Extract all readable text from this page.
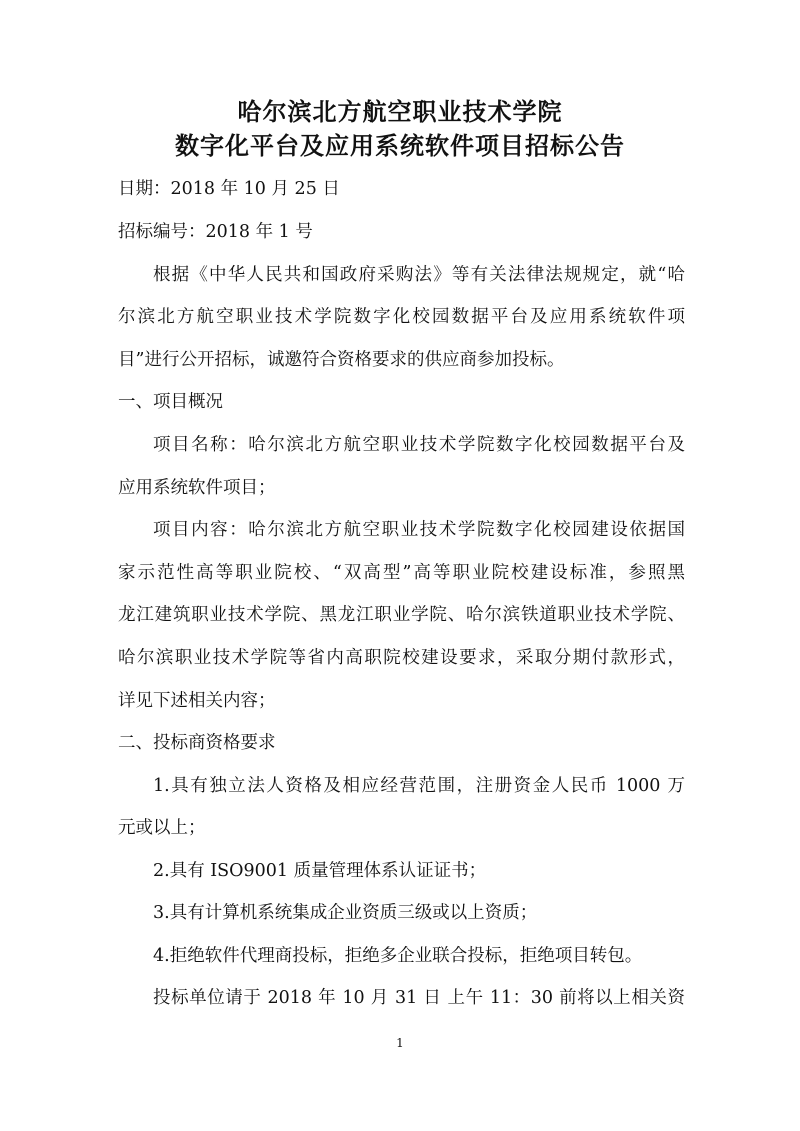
哈尔滨北方航空职业技术学院
数字化平台及应用系统软件项目招标公告
日期：2018 年 10 月 25 日
招标编号：2018 年 1 号
根据《中华人民共和国政府采购法》等有关法律法规规定，就“哈
尔滨北方航空职业技术学院数字化校园数据平台及应用系统软件项
目”进行公开招标，诚邀符合资格要求的供应商参加投标。
一、项目概况
项目名称：哈尔滨北方航空职业技术学院数字化校园数据平台及
应用系统软件项目；
项目内容：哈尔滨北方航空职业技术学院数字化校园建设依据国
家示范性高等职业院校、“双高型”高等职业院校建设标准，参照黑
龙江建筑职业技术学院、黑龙江职业学院、哈尔滨铁道职业技术学院、
哈尔滨职业技术学院等省内高职院校建设要求，采取分期付款形式，
详见下述相关内容；
二、投标商资格要求
1.具有独立法人资格及相应经营范围，注册资金人民币 1000 万
元或以上；
2.具有 ISO9001 质量管理体系认证证书；
3.具有计算机系统集成企业资质三级或以上资质；
4.拒绝软件代理商投标，拒绝多企业联合投标，拒绝项目转包。
投标单位请于 2018 年 10 月 31 日 上午 11：30 前将以上相关资
1
